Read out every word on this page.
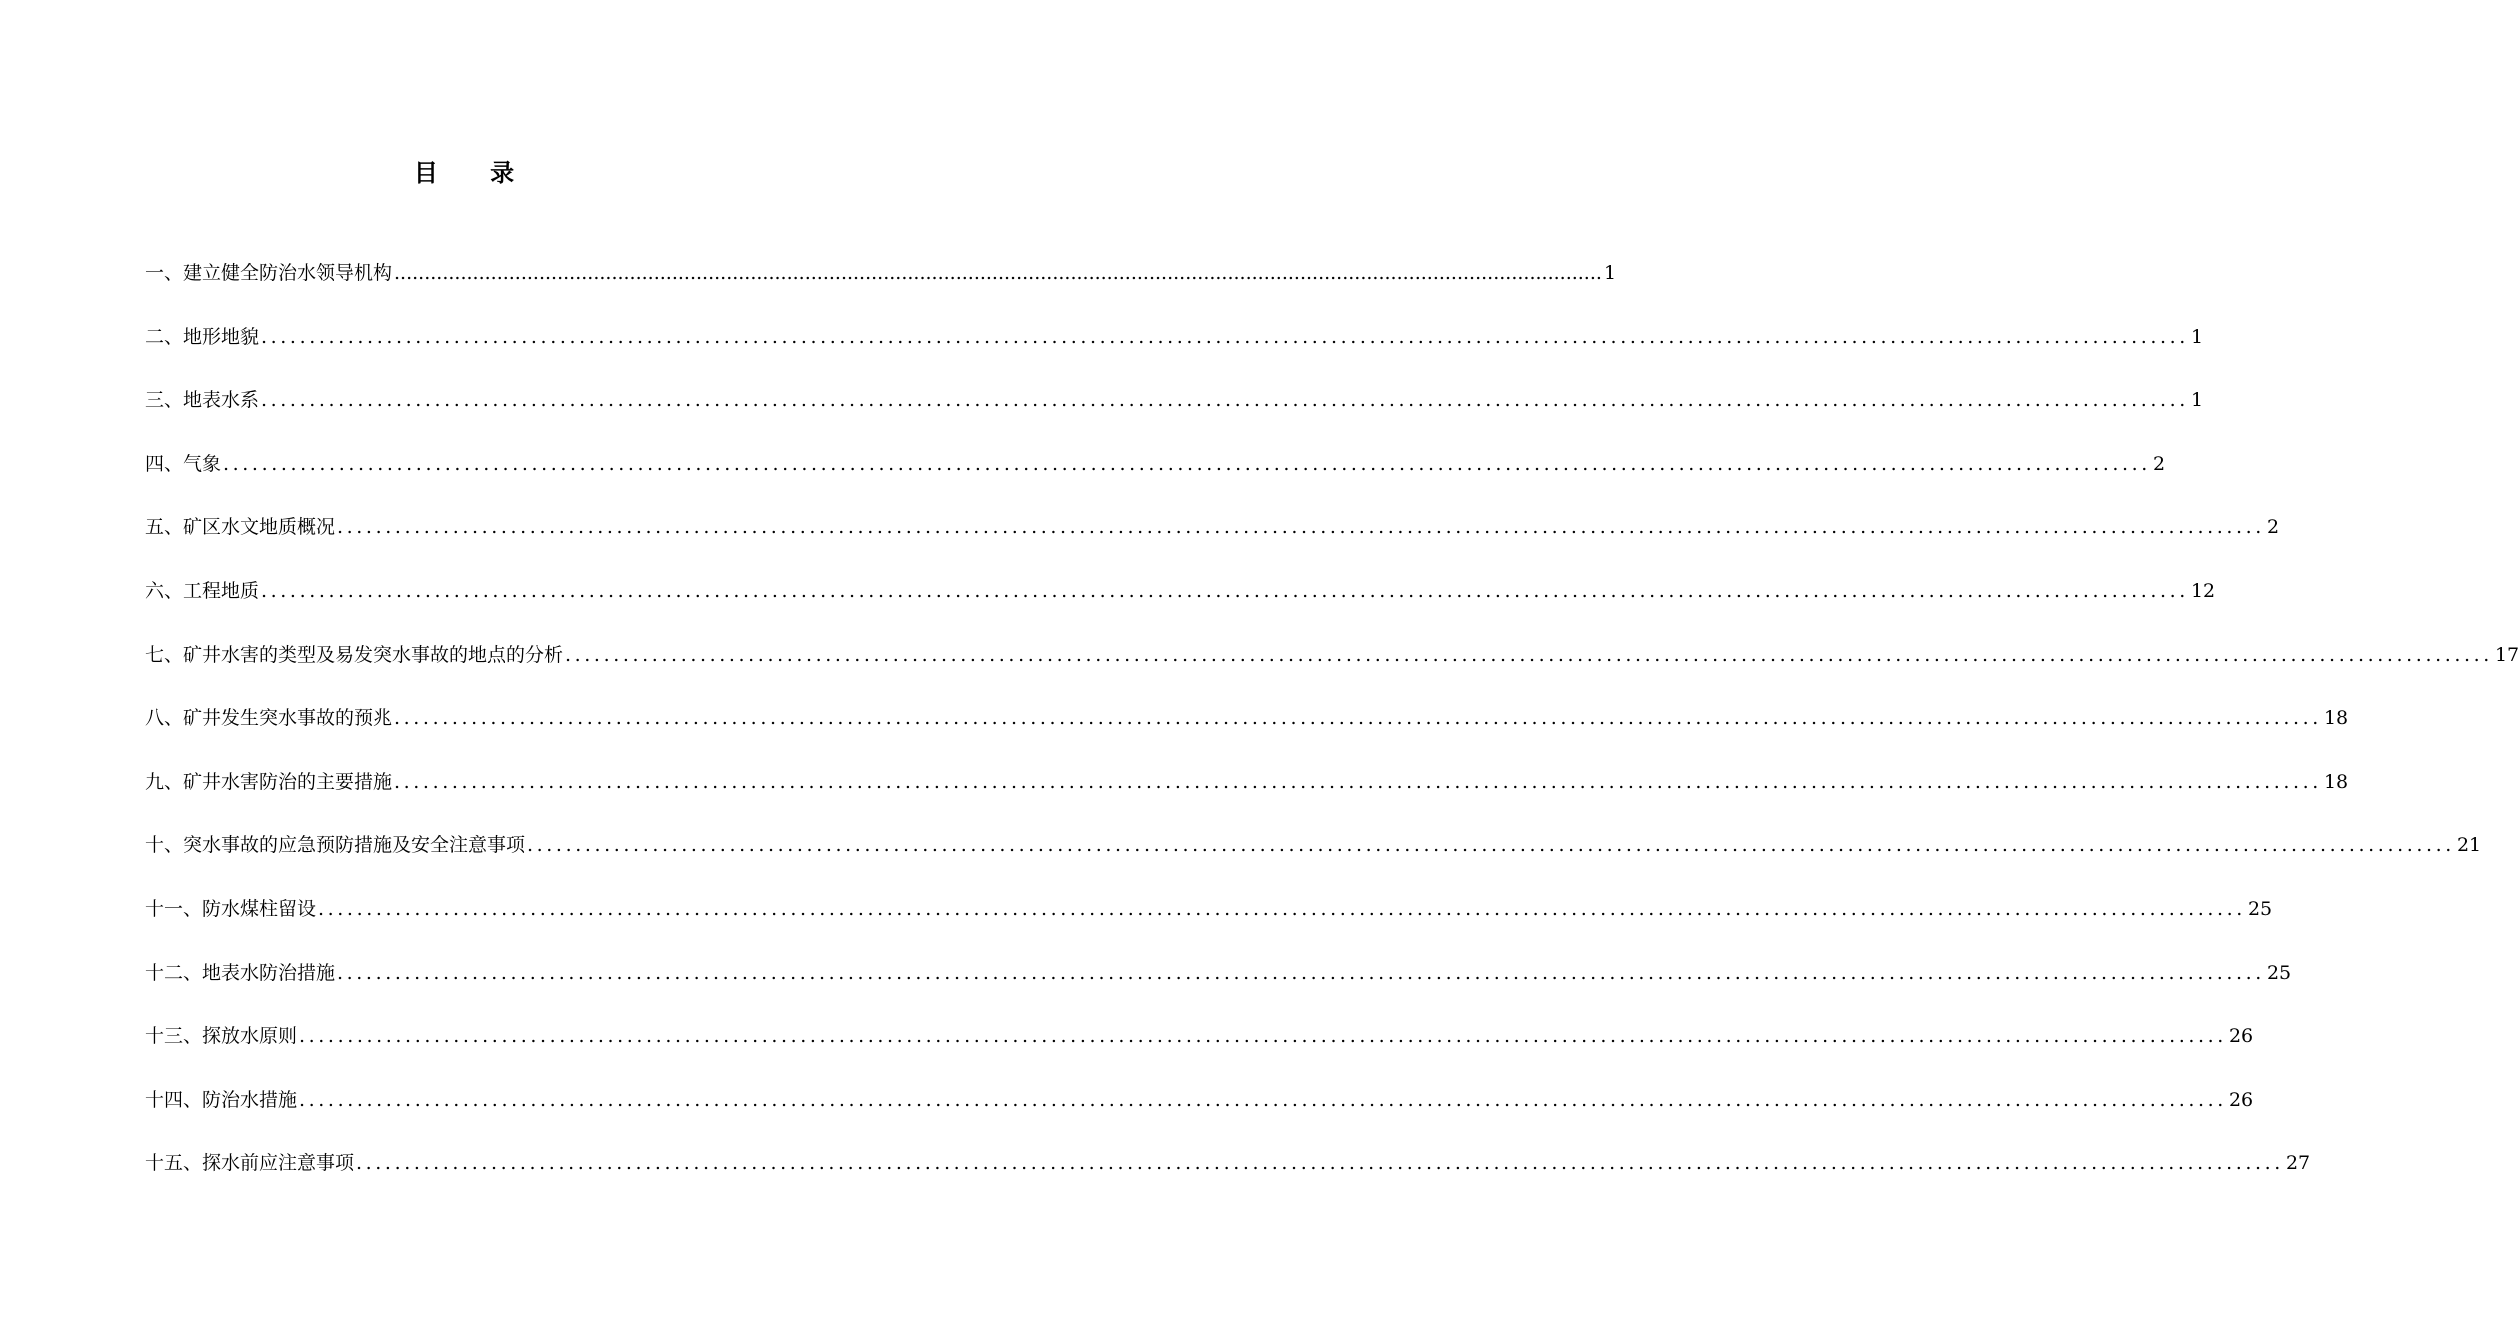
目 录
一、建立健全防治水领导机构 ........................................................................................................................................................................................................ 1
二、地形地貌 ........................................................................................................................................................................................................ 1
三、地表水系 ........................................................................................................................................................................................................ 1
四、气象 ........................................................................................................................................................................................................ 2
五、矿区水文地质概况 ........................................................................................................................................................................................................ 2
六、工程地质 ........................................................................................................................................................................................................ 12
七、矿井水害的类型及易发突水事故的地点的分析 ........................................................................................................................................................................................................ 17
八、矿井发生突水事故的预兆 ........................................................................................................................................................................................................ 18
九、矿井水害防治的主要措施 ........................................................................................................................................................................................................ 18
十、突水事故的应急预防措施及安全注意事项 ........................................................................................................................................................................................................ 21
十一、防水煤柱留设 ........................................................................................................................................................................................................ 25
十二、地表水防治措施 ........................................................................................................................................................................................................ 25
十三、探放水原则 ........................................................................................................................................................................................................ 26
十四、防治水措施 ........................................................................................................................................................................................................ 26
十五、探水前应注意事项 ........................................................................................................................................................................................................ 27
